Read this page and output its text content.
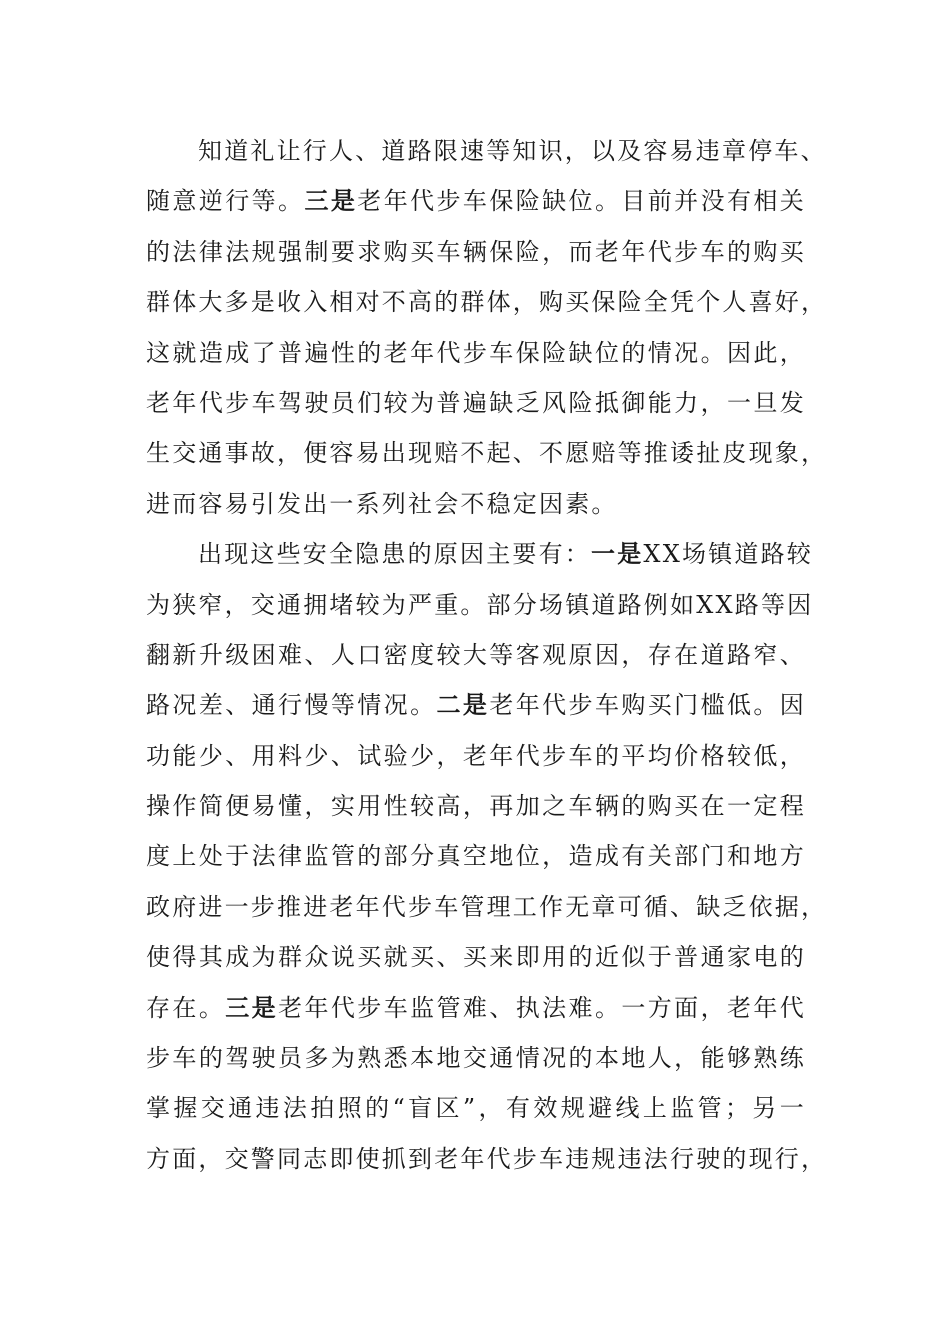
知道礼让行人、道路限速等知识，以及容易违章停车、
随意逆行等。三是老年代步车保险缺位。目前并没有相关
的法律法规强制要求购买车辆保险，而老年代步车的购买
群体大多是收入相对不高的群体，购买保险全凭个人喜好，
这就造成了普遍性的老年代步车保险缺位的情况。因此，
老年代步车驾驶员们较为普遍缺乏风险抵御能力，一旦发
生交通事故，便容易出现赔不起、不愿赔等推诿扯皮现象，
进而容易引发出一系列社会不稳定因素。
出现这些安全隐患的原因主要有：一是XX场镇道路较
为狭窄，交通拥堵较为严重。部分场镇道路例如XX路等因
翻新升级困难、人口密度较大等客观原因，存在道路窄、
路况差、通行慢等情况。二是老年代步车购买门槛低。因
功能少、用料少、试验少，老年代步车的平均价格较低，
操作简便易懂，实用性较高，再加之车辆的购买在一定程
度上处于法律监管的部分真空地位，造成有关部门和地方
政府进一步推进老年代步车管理工作无章可循、缺乏依据，
使得其成为群众说买就买、买来即用的近似于普通家电的
存在。三是老年代步车监管难、执法难。一方面，老年代
步车的驾驶员多为熟悉本地交通情况的本地人，能够熟练
掌握交通违法拍照的“盲区”，有效规避线上监管；另一
方面，交警同志即使抓到老年代步车违规违法行驶的现行，
